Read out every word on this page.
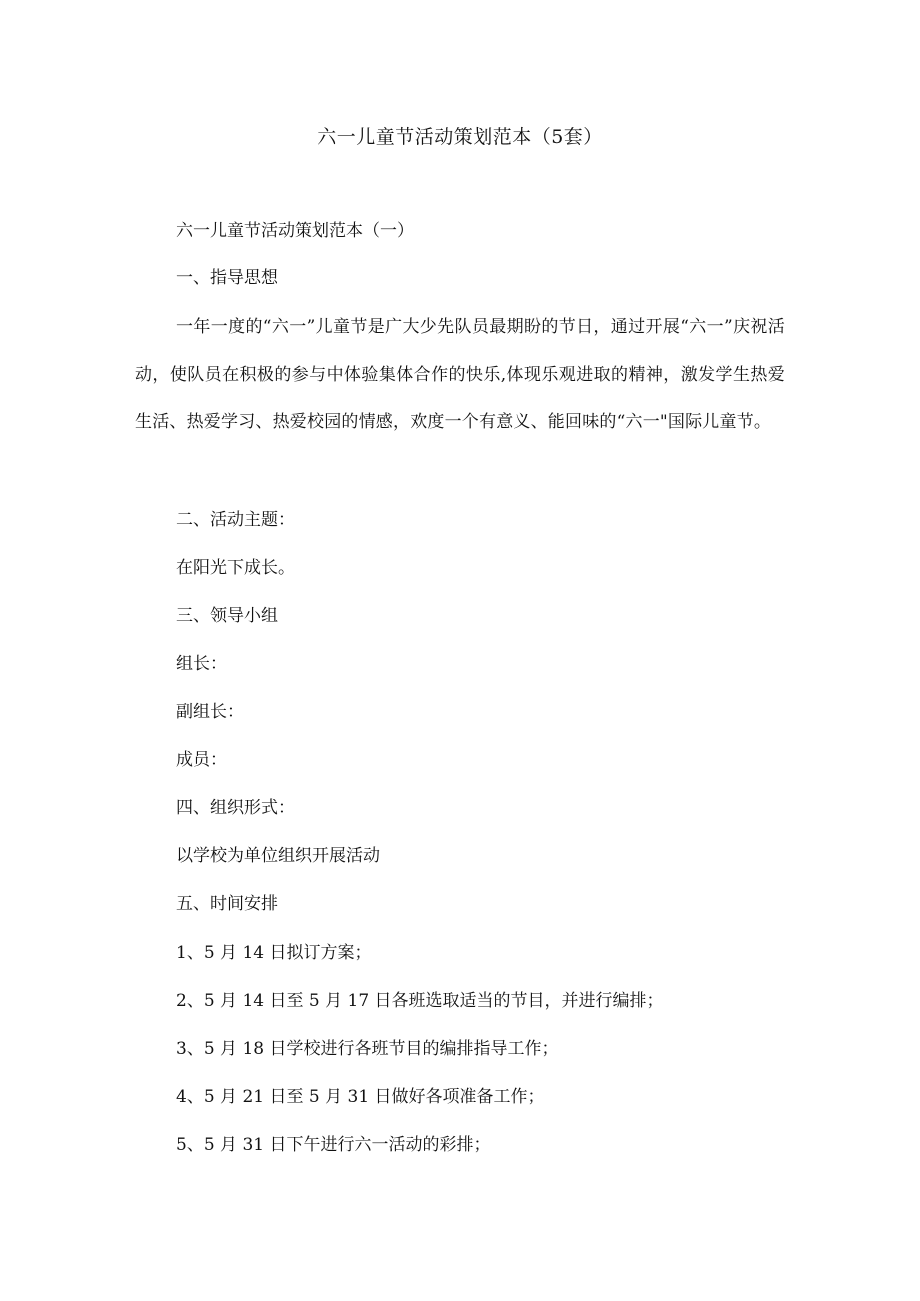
六一儿童节活动策划范本（5套）
六一儿童节活动策划范本（一）
一、指导思想
一年一度的“六一”儿童节是广大少先队员最期盼的节日，通过开展“六一”庆祝活动，使队员在积极的参与中体验集体合作的快乐,体现乐观进取的精神，激发学生热爱生活、热爱学习、热爱校园的情感，欢度一个有意义、能回味的“六一"国际儿童节。
二、活动主题：
在阳光下成长。
三、领导小组
组长：
副组长：
成员：
四、组织形式：
以学校为单位组织开展活动
五、时间安排
1、5 月 14 日拟订方案；
2、5 月 14 日至 5 月 17 日各班选取适当的节目，并进行编排；
3、5 月 18 日学校进行各班节目的编排指导工作；
4、5 月 21 日至 5 月 31 日做好各项准备工作；
5、5 月 31 日下午进行六一活动的彩排；
